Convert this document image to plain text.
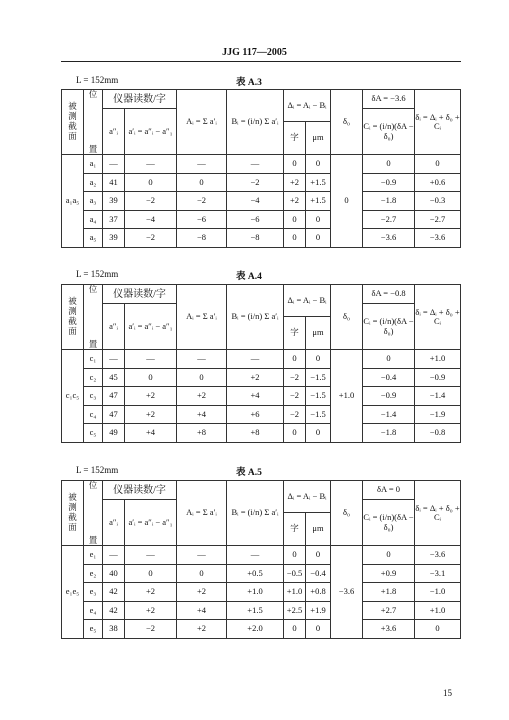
JJG 117—2005
L = 152mm	表 A.3
被
测
截
面	位
置	仪器读数/字		Aᵢ = Σ a′ᵢ	Bᵢ = (i/n) Σ a′ᵢ	Δᵢ = Aᵢ − Bᵢ		δ₀	δA = −3.6	δᵢ = Δᵢ + δ₀ + Cᵢ
		a″ᵢ	a′ᵢ = a″ᵢ − a″₁						Cᵢ = (i/n)(δA − δ₀)	
						字	μm			

a₁a₅	a₁	—	—	—	—	0	0	0	0	0
	a₂	41	0	0	−2	+2	+1.5		−0.9	+0.6
	a₃	39	−2	−2	−4	+2	+1.5		−1.8	−0.3
	a₄	37	−4	−6	−6	0	0		−2.7	−2.7
	a₅	39	−2	−8	−8	0	0		−3.6	−3.6
L = 152mm	表 A.4
被
测
截
面	位
置	仪器读数/字		Aᵢ = Σ a′ᵢ	Bᵢ = (i/n) Σ a′ᵢ	Δᵢ = Aᵢ − Bᵢ		δ₀	δA = −0.8	δᵢ = Δᵢ + δ₀ + Cᵢ
		a″ᵢ	a′ᵢ = a″ᵢ − a″₁						Cᵢ = (i/n)(δA − δ₀)	
						字	μm			

c₁c₅	c₁	—	—	—	—	0	0	+1.0	0	+1.0
	c₂	45	0	0	+2	−2	−1.5		−0.4	−0.9
	c₃	47	+2	+2	+4	−2	−1.5		−0.9	−1.4
	c₄	47	+2	+4	+6	−2	−1.5		−1.4	−1.9
	c₅	49	+4	+8	+8	0	0		−1.8	−0.8
L = 152mm	表 A.5
被
测
截
面	位
置	仪器读数/字		Aᵢ = Σ a′ᵢ	Bᵢ = (i/n) Σ a′ᵢ	Δᵢ = Aᵢ − Bᵢ		δ₀	δA = 0	δᵢ = Δᵢ + δ₀ + Cᵢ
		a″ᵢ	a′ᵢ = a″ᵢ − a″₁						Cᵢ = (i/n)(δA − δ₀)	
						字	μm			

e₁e₅	e₁	—	—	—	—	0	0	−3.6	0	−3.6
	e₂	40	0	0	+0.5	−0.5	−0.4		+0.9	−3.1
	e₃	42	+2	+2	+1.0	+1.0	+0.8		+1.8	−1.0
	e₄	42	+2	+4	+1.5	+2.5	+1.9		+2.7	+1.0
	e₅	38	−2	+2	+2.0	0	0		+3.6	0
15
